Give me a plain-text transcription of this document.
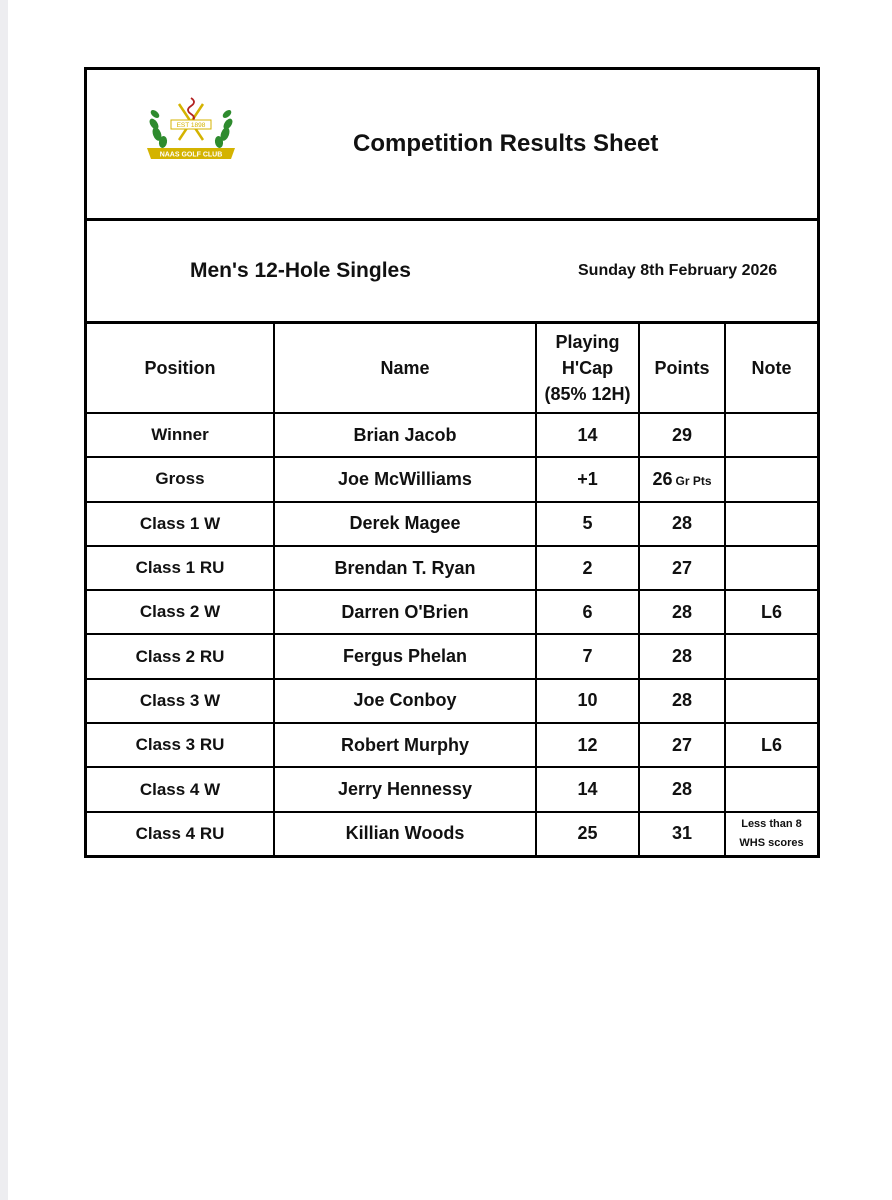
EST 1898
NAAS GOLF CLUB	Competition Results Sheet
Men's 12-Hole Singles	Sunday 8th February 2026
Position	Name	Playing
H'Cap
(85% 12H)	Points	Note
Winner	Brian Jacob	14	29	
Gross	Joe McWilliams	+1	26 Gr Pts	
Class 1 W	Derek Magee	5	28	
Class 1 RU	Brendan T. Ryan	2	27	
Class 2 W	Darren O'Brien	6	28	L6
Class 2 RU	Fergus Phelan	7	28	
Class 3 W	Joe Conboy	10	28	
Class 3 RU	Robert Murphy	12	27	L6
Class 4 W	Jerry Hennessy	14	28	
Class 4 RU	Killian Woods	25	31	Less than 8
WHS scores
